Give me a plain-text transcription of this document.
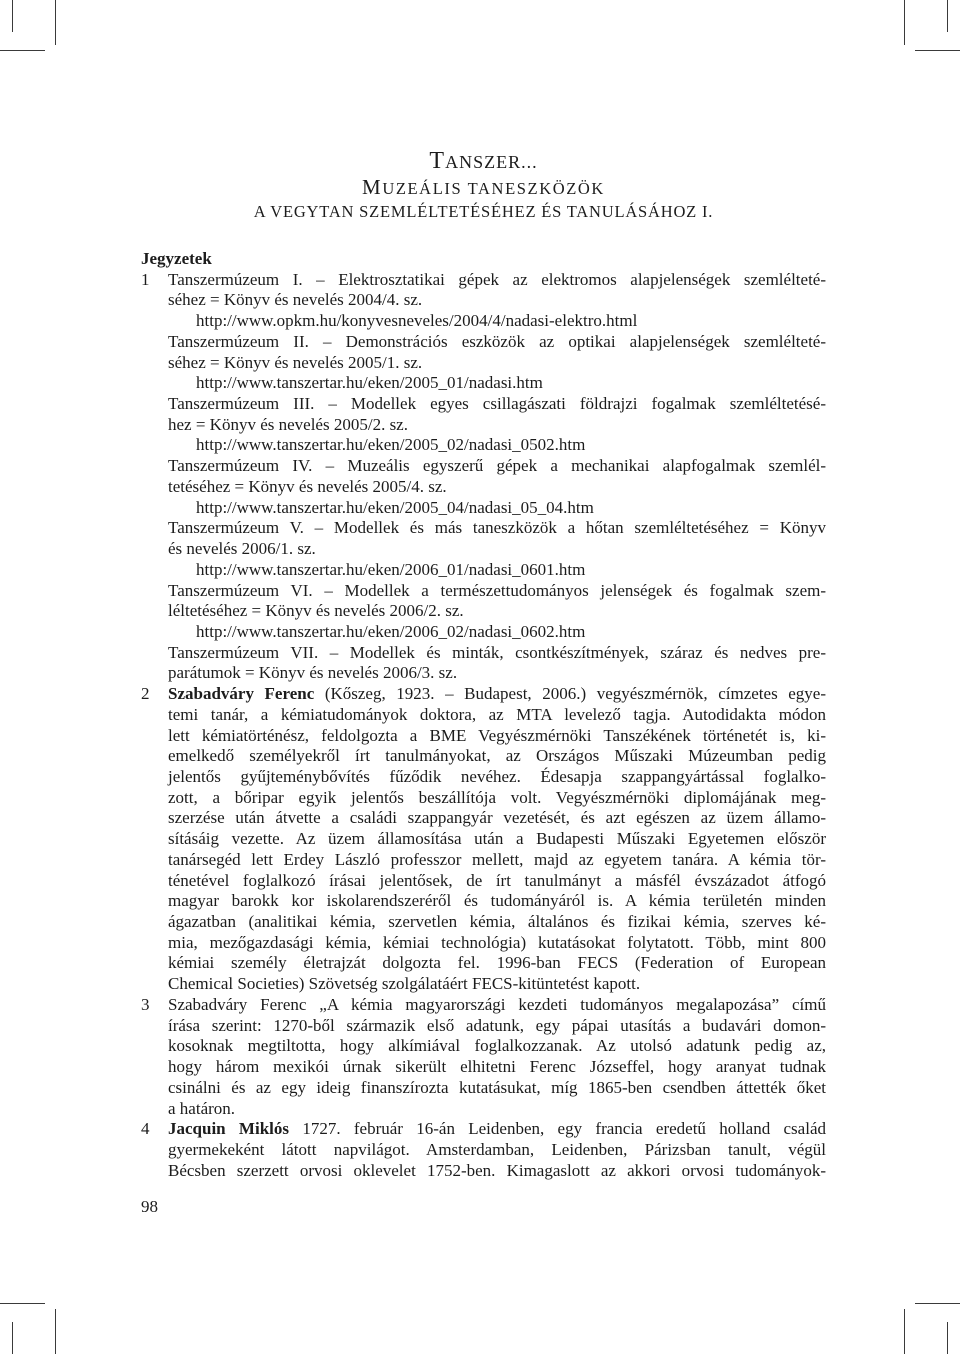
TANSZER...
MUZEÁLIS TANESZKÖZÖK
A VEGYTAN SZEMLÉLTETÉSÉHEZ ÉS TANULÁSÁHOZ I.
Jegyzetek
1 Tanszermúzeum I. – Elektrosztatikai gépek az elektromos alapjelenségek szemlélteté-
séhez = Könyv és nevelés 2004/4. sz.
http://www.opkm.hu/konyvesneveles/2004/4/nadasi-elektro.html
Tanszermúzeum II. – Demonstrációs eszközök az optikai alapjelenségek szemlélteté-
séhez = Könyv és nevelés 2005/1. sz.
http://www.tanszertar.hu/eken/2005_01/nadasi.htm
Tanszermúzeum III. – Modellek egyes csillagászati földrajzi fogalmak szemléltetésé-
hez = Könyv és nevelés 2005/2. sz.
http://www.tanszertar.hu/eken/2005_02/nadasi_0502.htm
Tanszermúzeum IV. – Muzeális egyszerű gépek a mechanikai alapfogalmak szemlél-
tetéséhez = Könyv és nevelés 2005/4. sz.
http://www.tanszertar.hu/eken/2005_04/nadasi_05_04.htm
Tanszermúzeum V. – Modellek és más taneszközök a hőtan szemléltetéséhez = Könyv
és nevelés 2006/1. sz.
http://www.tanszertar.hu/eken/2006_01/nadasi_0601.htm
Tanszermúzeum VI. – Modellek a természettudományos jelenségek és fogalmak szem-
léltetéséhez = Könyv és nevelés 2006/2. sz.
http://www.tanszertar.hu/eken/2006_02/nadasi_0602.htm
Tanszermúzeum VII. – Modellek és minták, csontkészítmények, száraz és nedves pre-
parátumok = Könyv és nevelés 2006/3. sz.
2 Szabadváry Ferenc (Kőszeg, 1923. – Budapest, 2006.) vegyészmérnök, címzetes egye-
temi tanár, a kémiatudományok doktora, az MTA levelező tagja. Autodidakta módon
lett kémiatörténész, feldolgozta a BME Vegyészmérnöki Tanszékének történetét is, ki-
emelkedő személyekről írt tanulmányokat, az Országos Műszaki Múzeumban pedig
jelentős gyűjteménybővítés fűződik nevéhez. Édesapja szappangyártással foglalko-
zott, a bőripar egyik jelentős beszállítója volt. Vegyészmérnöki diplomájának meg-
szerzése után átvette a családi szappangyár vezetését, és azt egészen az üzem államo-
sításáig vezette. Az üzem államosítása után a Budapesti Műszaki Egyetemen először
tanársegéd lett Erdey László professzor mellett, majd az egyetem tanára. A kémia tör-
ténetével foglalkozó írásai jelentősek, de írt tanulmányt a másfél évszázadot átfogó
magyar barokk kor iskolarendszeréről és tudományáról is. A kémia területén minden
ágazatban (analitikai kémia, szervetlen kémia, általános és fizikai kémia, szerves ké-
mia, mezőgazdasági kémia, kémiai technológia) kutatásokat folytatott. Több, mint 800
kémiai személy életrajzát dolgozta fel. 1996-ban FECS (Federation of European
Chemical Societies) Szövetség szolgálatáért FECS-kitüntetést kapott.
3 Szabadváry Ferenc „A kémia magyarországi kezdeti tudományos megalapozása” című
írása szerint: 1270-ből származik első adatunk, egy pápai utasítás a budavári domon-
kosoknak megtiltotta, hogy alkímiával foglalkozzanak. Az utolsó adatunk pedig az,
hogy három mexikói úrnak sikerült elhitetni Ferenc Józseffel, hogy aranyat tudnak
csinálni és az egy ideig finanszírozta kutatásukat, míg 1865-ben csendben áttették őket
a határon.
4 Jacquin Miklós 1727. február 16-án Leidenben, egy francia eredetű holland család
gyermekeként látott napvilágot. Amsterdamban, Leidenben, Párizsban tanult, végül
Bécsben szerzett orvosi oklevelet 1752-ben. Kimagaslott az akkori orvosi tudományok-
98
